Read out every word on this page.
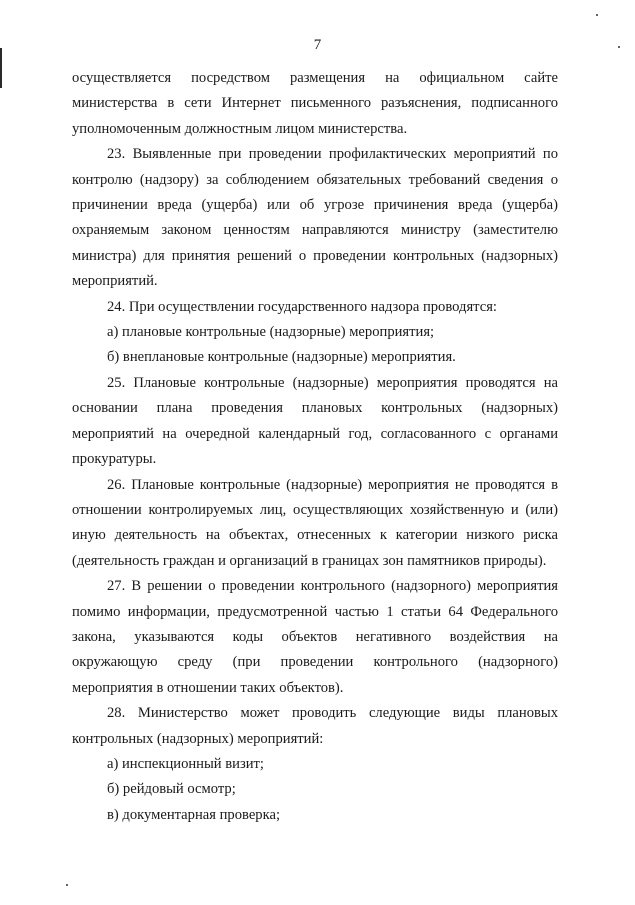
7

осуществляется посредством размещения на официальном сайте министерства в сети Интернет письменного разъяснения, подписанного уполномоченным должностным лицом министерства.

23. Выявленные при проведении профилактических мероприятий по контролю (надзору) за соблюдением обязательных требований сведения о причинении вреда (ущерба) или об угрозе причинения вреда (ущерба) охраняемым законом ценностям направляются министру (заместителю министра) для принятия решений о проведении контрольных (надзорных) мероприятий.

24. При осуществлении государственного надзора проводятся:

а) плановые контрольные (надзорные) мероприятия;

б) внеплановые контрольные (надзорные) мероприятия.

25. Плановые контрольные (надзорные) мероприятия проводятся на основании плана проведения плановых контрольных (надзорных) мероприятий на очередной календарный год, согласованного с органами прокуратуры.

26. Плановые контрольные (надзорные) мероприятия не проводятся в отношении контролируемых лиц, осуществляющих хозяйственную и (или) иную деятельность на объектах, отнесенных к категории низкого риска (деятельность граждан и организаций в границах зон памятников природы).

27. В решении о проведении контрольного (надзорного) мероприятия помимо информации, предусмотренной частью 1 статьи 64 Федерального закона, указываются коды объектов негативного воздействия на окружающую среду (при проведении контрольного (надзорного) мероприятия в отношении таких объектов).

28. Министерство может проводить следующие виды плановых контрольных (надзорных) мероприятий:

а) инспекционный визит;

б) рейдовый осмотр;

в) документарная проверка;
